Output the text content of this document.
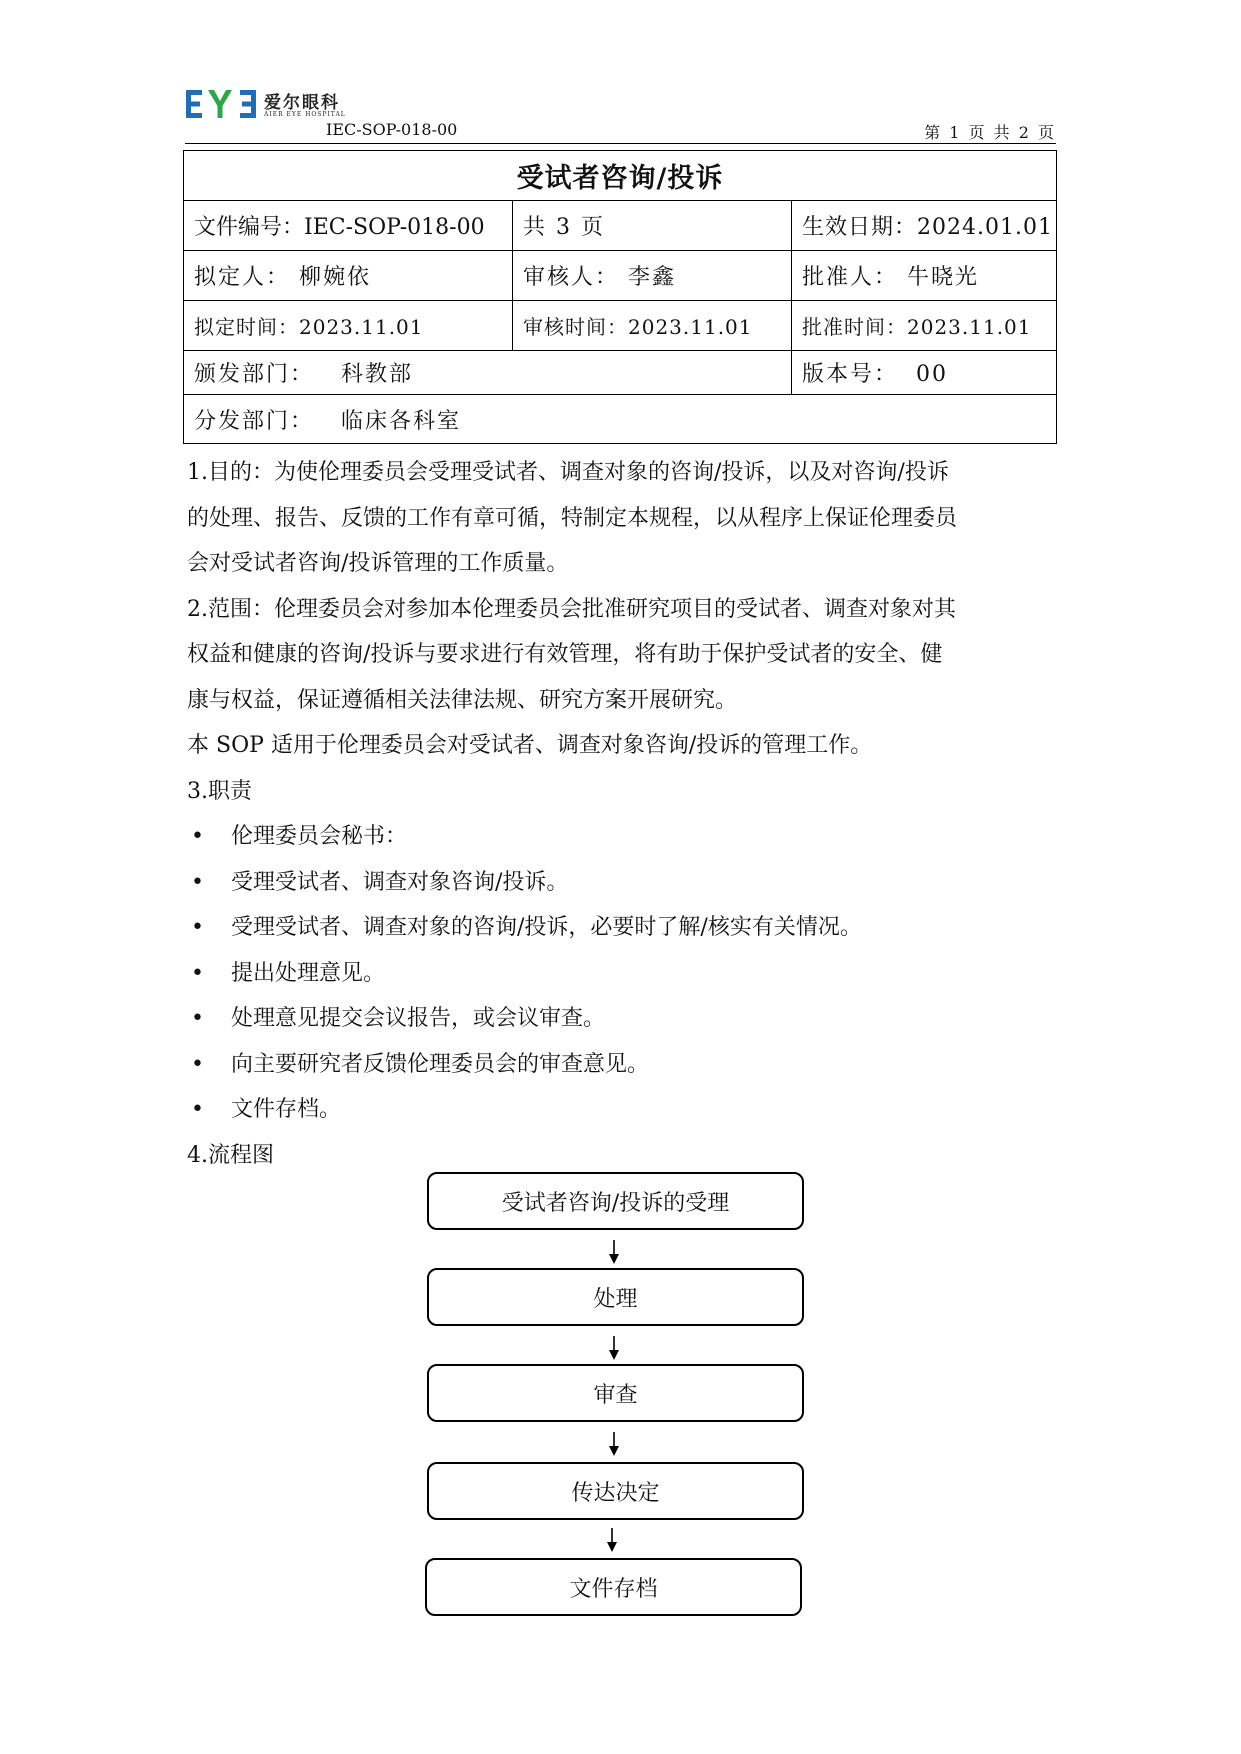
爱尔眼科
AIER EYE HOSPITAL
IEC-SOP-018-00	第 1 页 共 2 页
受试者咨询/投诉		
文件编号：IEC-SOP-018-00	共 3 页	生效日期：2024.01.01
拟定人： 柳婉依	审核人： 李鑫	批准人： 牛晓光
拟定时间：2023.11.01	审核时间：2023.11.01	批准时间：2023.11.01
颁发部门：   科教部		版本号：  00
分发部门：   临床各科室		

1.目的：为使伦理委员会受理受试者、调查对象的咨询/投诉，以及对咨询/投诉

的处理、报告、反馈的工作有章可循，特制定本规程，以从程序上保证伦理委员

会对受试者咨询/投诉管理的工作质量。

2.范围：伦理委员会对参加本伦理委员会批准研究项目的受试者、调查对象对其

权益和健康的咨询/投诉与要求进行有效管理，将有助于保护受试者的安全、健

康与权益，保证遵循相关法律法规、研究方案开展研究。

本 SOP 适用于伦理委员会对受试者、调查对象咨询/投诉的管理工作。

3.职责

• 伦理委员会秘书：
• 受理受试者、调查对象咨询/投诉。
• 受理受试者、调查对象的咨询/投诉，必要时了解/核实有关情况。
• 提出处理意见。
• 处理意见提交会议报告，或会议审查。
• 向主要研究者反馈伦理委员会的审查意见。
• 文件存档。

4.流程图

受试者咨询/投诉的受理
处理
审查
传达决定
文件存档
